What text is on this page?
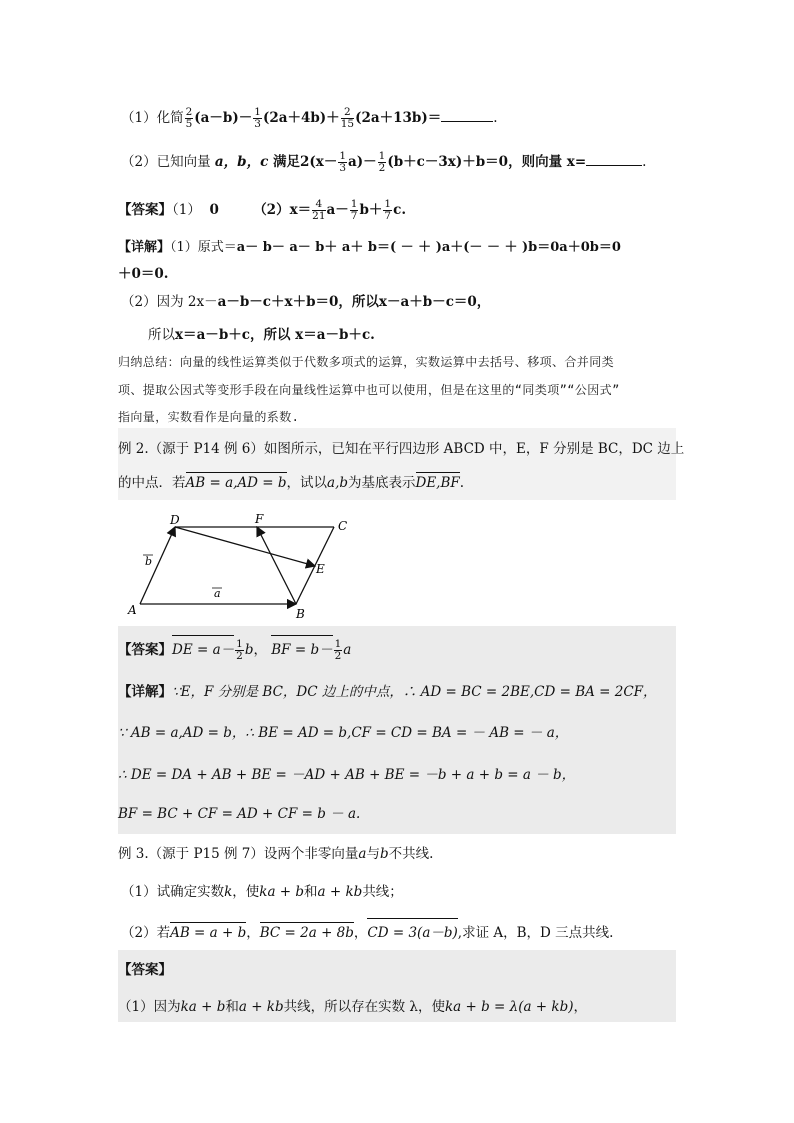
（1）化简 $\frac{2}{5} (a-b)- \frac{1}{3} (2a+4b)+ \frac{2}{15} (2a+13b)=$	.
（2）已知向量 a，b，c 满足$2(x- \frac{1}{3} a)- \frac{1}{2} (b+c-3x)+b=0$，则向量 x=	.
【答案】（1） 0	$(2)x= \frac{4}{21} a- \frac{1}{7} b+ \frac{1}{7} c$.
【详解】（1）原式＝a－ b－ a－ b＋ a＋ b＝( － ＋ )a＋(－ － ＋ )b＝0a＋0b＝0
＋0＝0.
（2）因为 2x－a－b－c＋x＋b＝0，所以x－a＋b－c＝0，
所以x＝a－b＋c，所以 x＝a－b＋c.
归纳总结：向量的线性运算类似于代数多项式的运算，实数运算中去括号、移项、合并同类
项、提取公因式等变形手段在向量线性运算中也可以使用，但是在这里的“同类项”“公因式”
指向量，实数看作是向量的系数.
例 2.（源于 P14 例 6）如图所示，已知在平行四边形 ABCD 中，E，F 分别是 BC，DC 边上
的中点．若AB = a,AD = b，试以a,b为基底表示DE,BF.
A	B
C
D
E
F
a
b
【答案】DE = $a- \frac{1}{2}$ b， BF = $b- \frac{1}{2}$ a
【详解】∵E，F 分别是 BC，DC 边上的中点，∴ AD = BC = 2BE,CD = BA = 2CF，
∵ AB = a,AD = b，∴ BE = AD = b,CF = CD = BA = － AB = － a，
∴ DE = DA + AB + BE = －AD + AB + BE = －b + a + b = a － b，
BF = BC + CF = AD + CF = b － a.
例 3.（源于 P15 例 7）设两个非零向量a与b不共线.
（1）试确定实数k，使ka + b和a + kb共线；
（2）若AB = a + b，BC = 2a + 8b，CD = 3(a－b),求证 A，B，D 三点共线.
【答案】
（1）因为ka + b和a + kb共线，所以存在实数 λ，使ka + b = λ(a + kb)，
